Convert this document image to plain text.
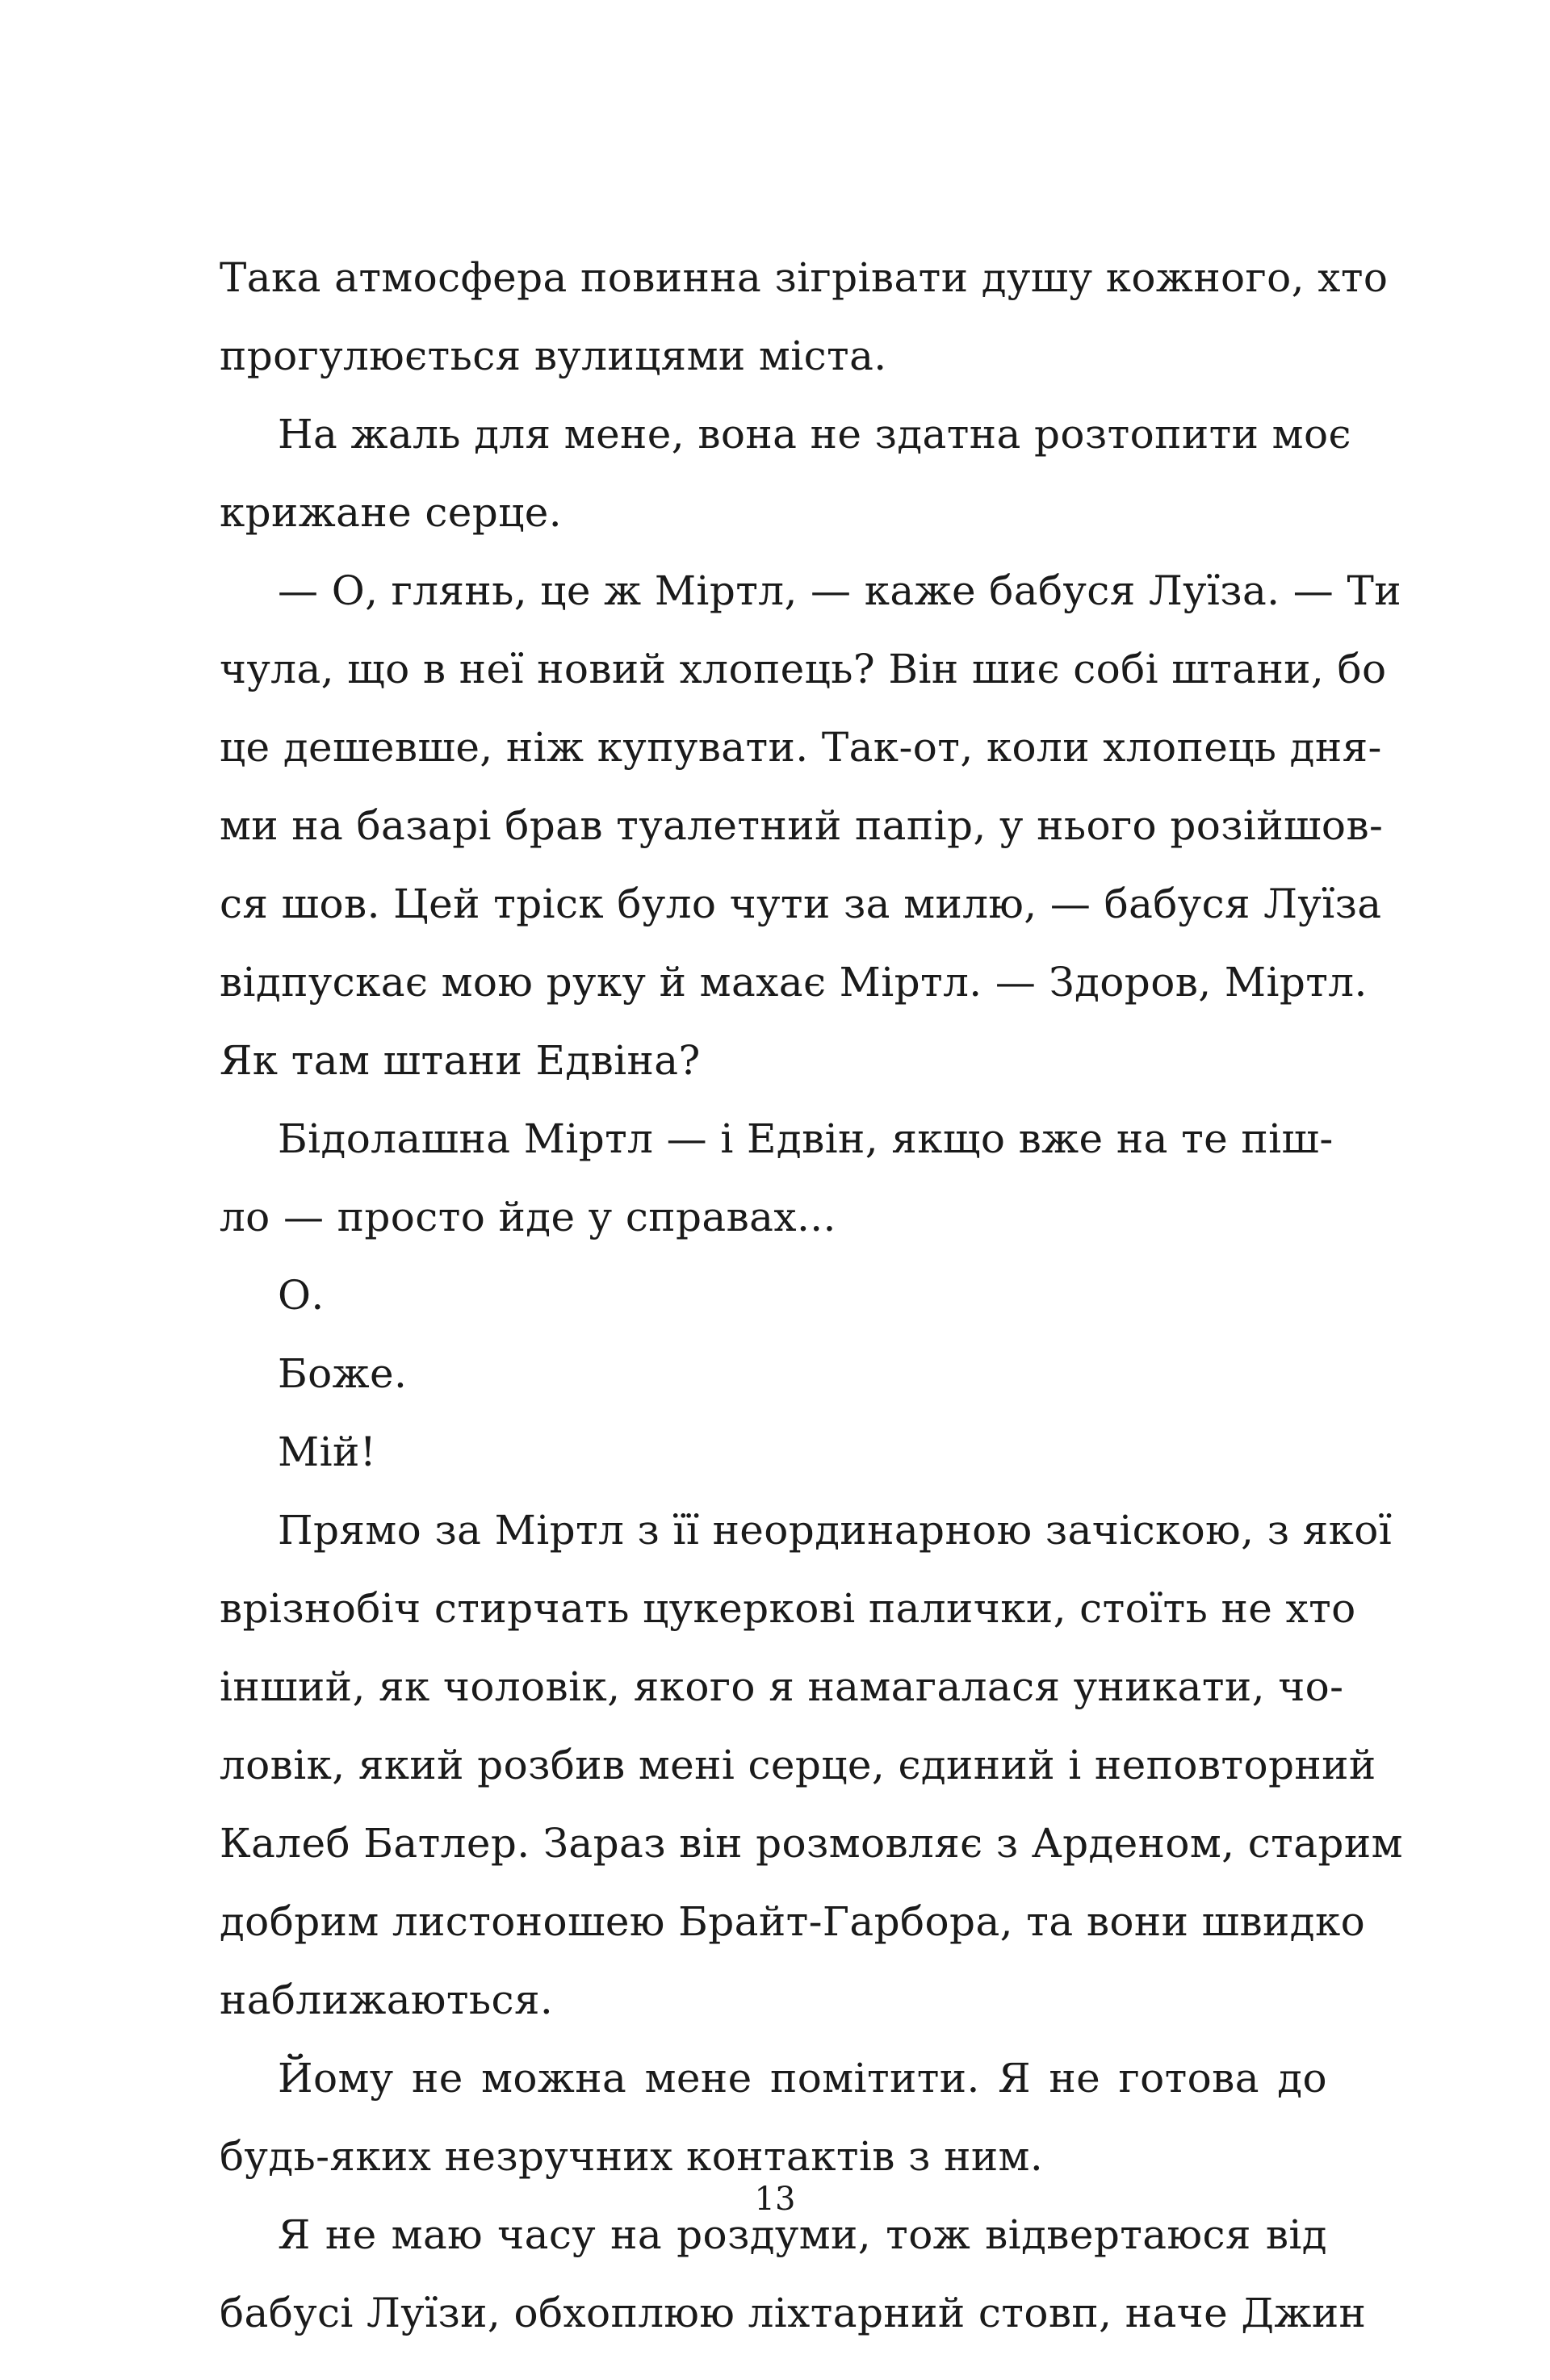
Така атмосфера повинна зігрівати душу кожного, хто
прогулюється вулицями міста.
На жаль для мене, вона не здатна розтопити моє
крижане серце.
— О, глянь, це ж Міртл, — каже бабуся Луїза. — Ти
чула, що в неї новий хлопець? Він шиє собі штани, бо
це дешевше, ніж купувати. Так-от, коли хлопець дня-
ми на базарі брав туалетний папір, у нього розійшов-
ся шов. Цей тріск було чути за милю, — бабуся Луїза
відпускає мою руку й махає Міртл. — Здоров, Міртл.
Як там штани Едвіна?
Бідолашна Міртл — і Едвін, якщо вже на те піш-
ло — просто йде у справах...
О.
Боже.
Мій!
Прямо за Міртл з її неординарною зачіскою, з якої
врізнобіч стирчать цукеркові палички, стоїть не хто
інший, як чоловік, якого я намагалася уникати, чо-
ловік, який розбив мені серце, єдиний і неповторний
Калеб Батлер. Зараз він розмовляє з Арденом, старим
добрим листоношею Брайт-Гарбора, та вони швидко
наближаються.
Йому не можна мене помітити. Я не готова до
будь-яких незручних контактів з ним.
Я не маю часу на роздуми, тож відвертаюся від
бабусі Луїзи, обхоплюю ліхтарний стовп, наче Джин
13
